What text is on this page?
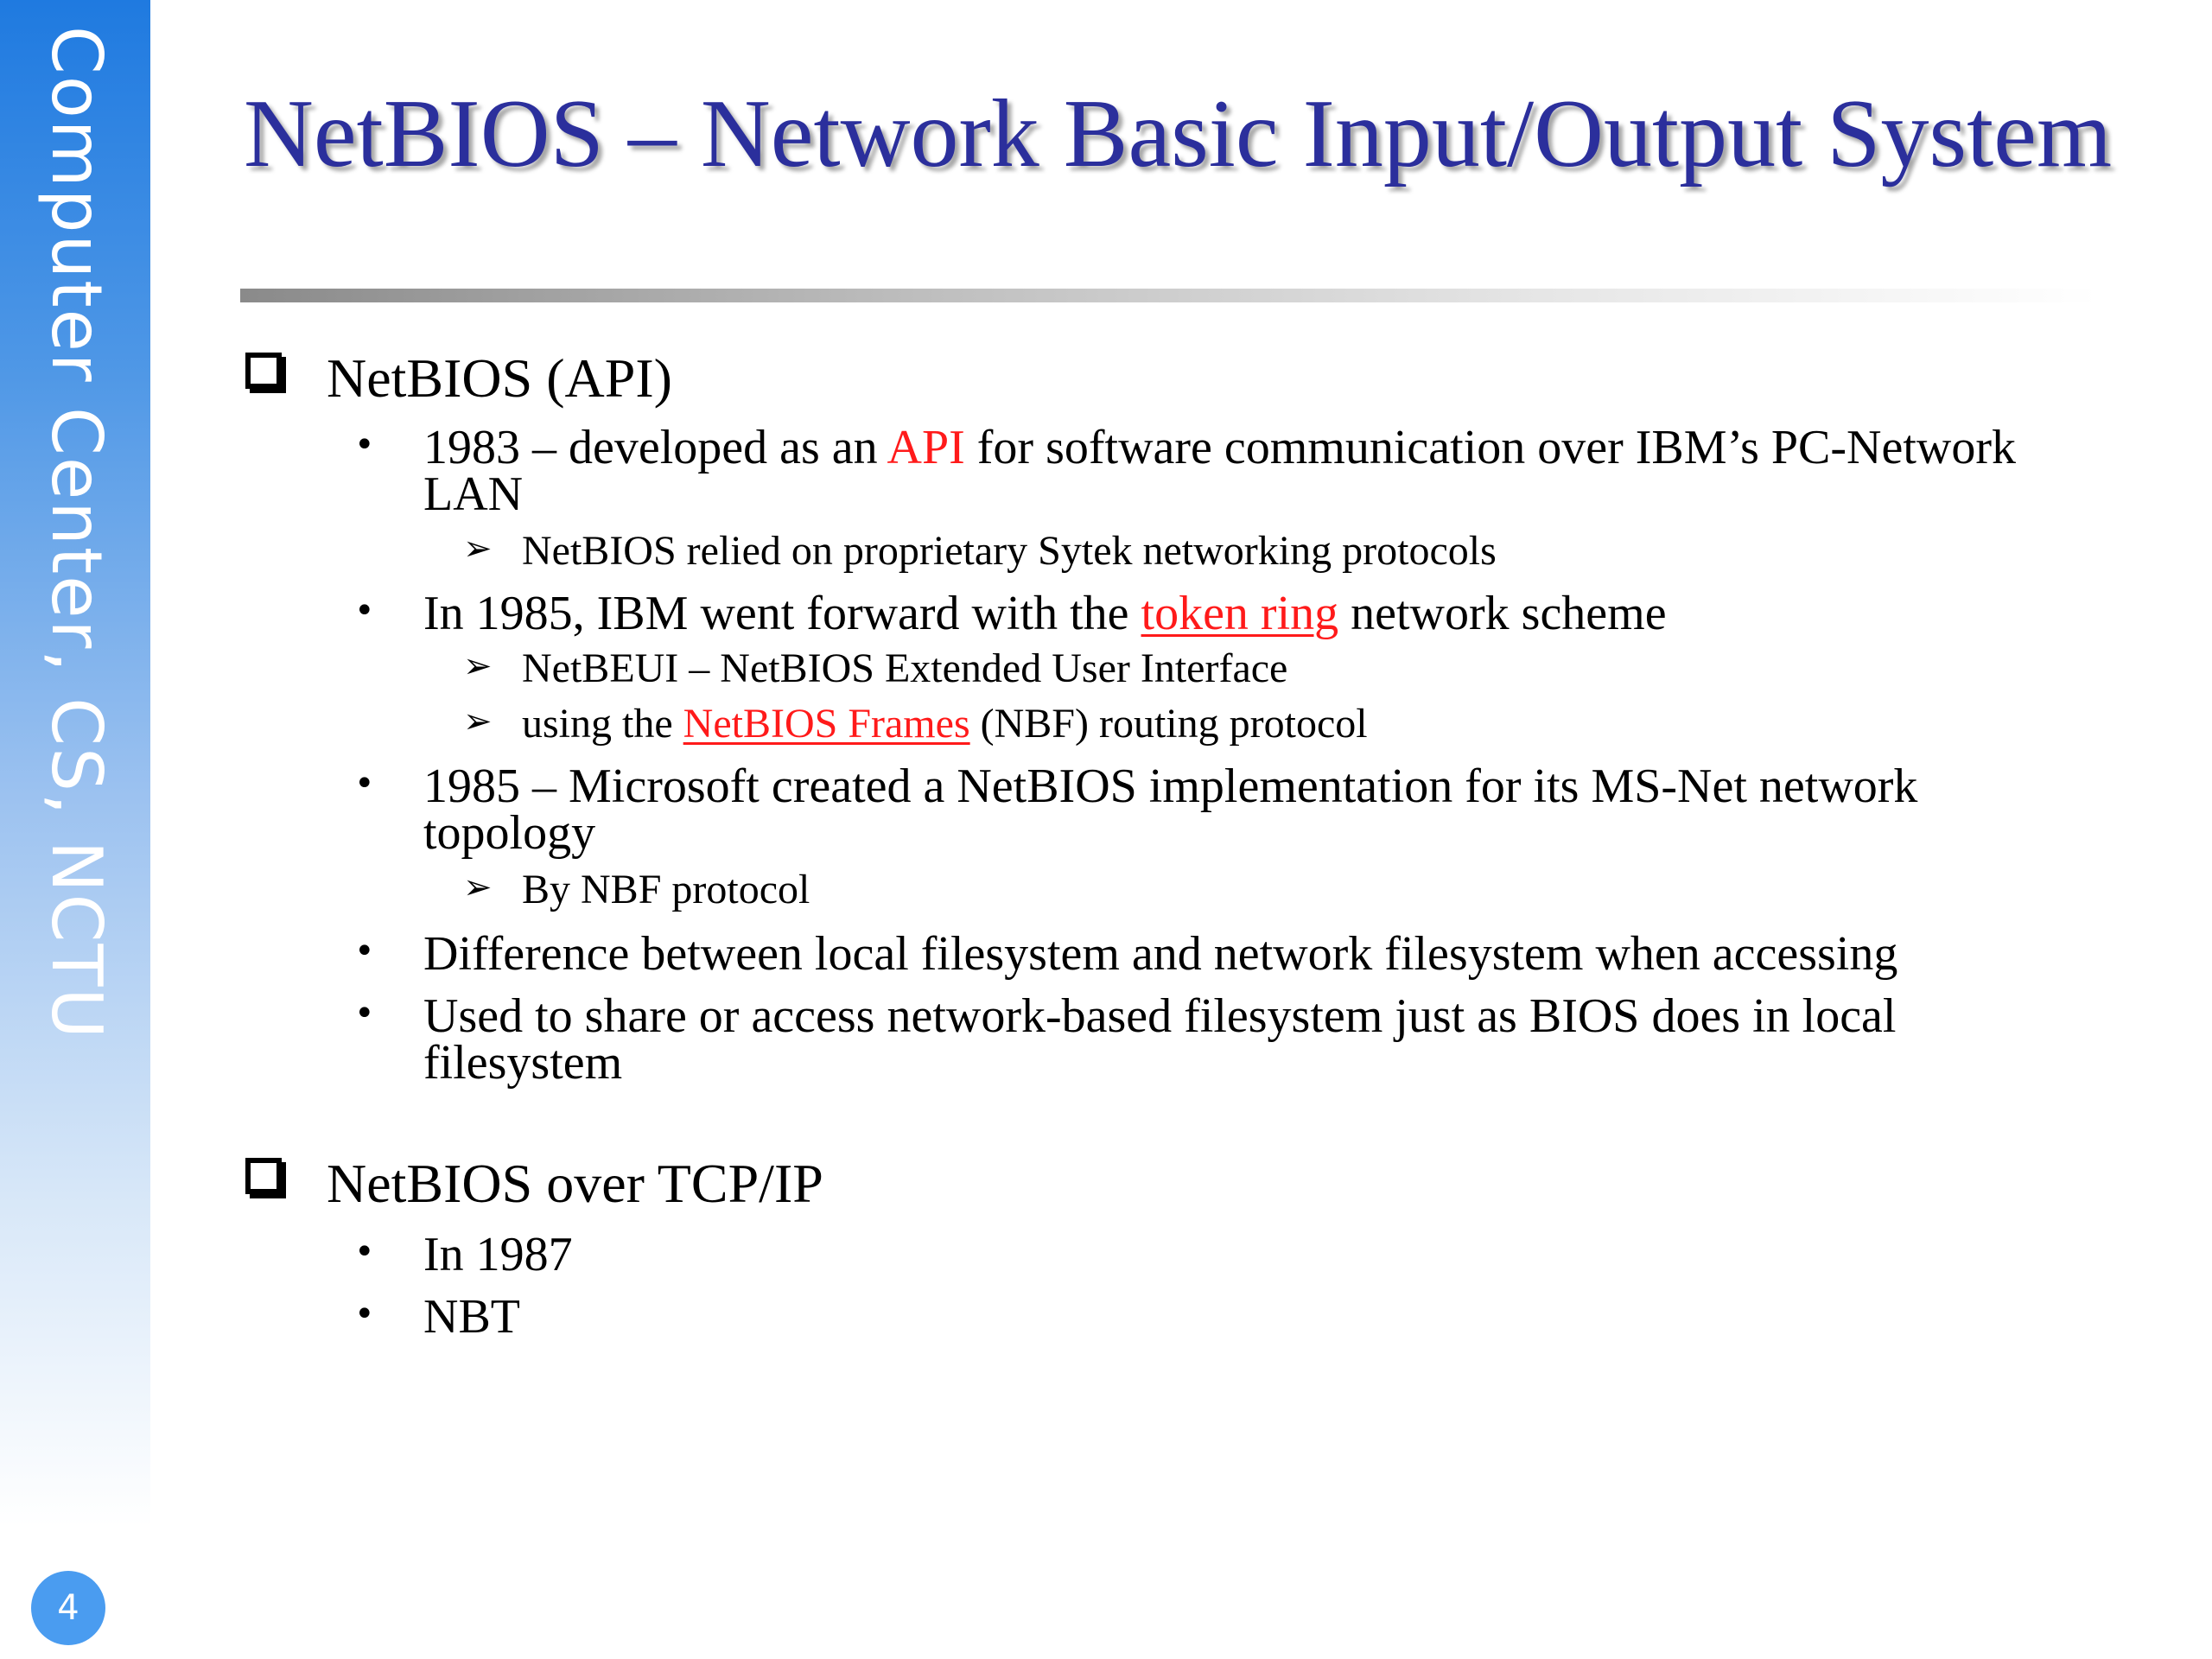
Computer Center, CS, NCTU
4
NetBIOS – Network Basic Input/Output System
NetBIOS (API)
• 1983 – developed as an API for software communication over IBM’s PC-Network
LAN
➢ NetBIOS relied on proprietary Sytek networking protocols
• In 1985, IBM went forward with the token ring network scheme
➢ NetBEUI – NetBIOS Extended User Interface
➢ using the NetBIOS Frames (NBF) routing protocol
• 1985 – Microsoft created a NetBIOS implementation for its MS-Net network
topology
➢ By NBF protocol
• Difference between local filesystem and network filesystem when accessing
• Used to share or access network-based filesystem just as BIOS does in local
filesystem
NetBIOS over TCP/IP
• In 1987
• NBT
